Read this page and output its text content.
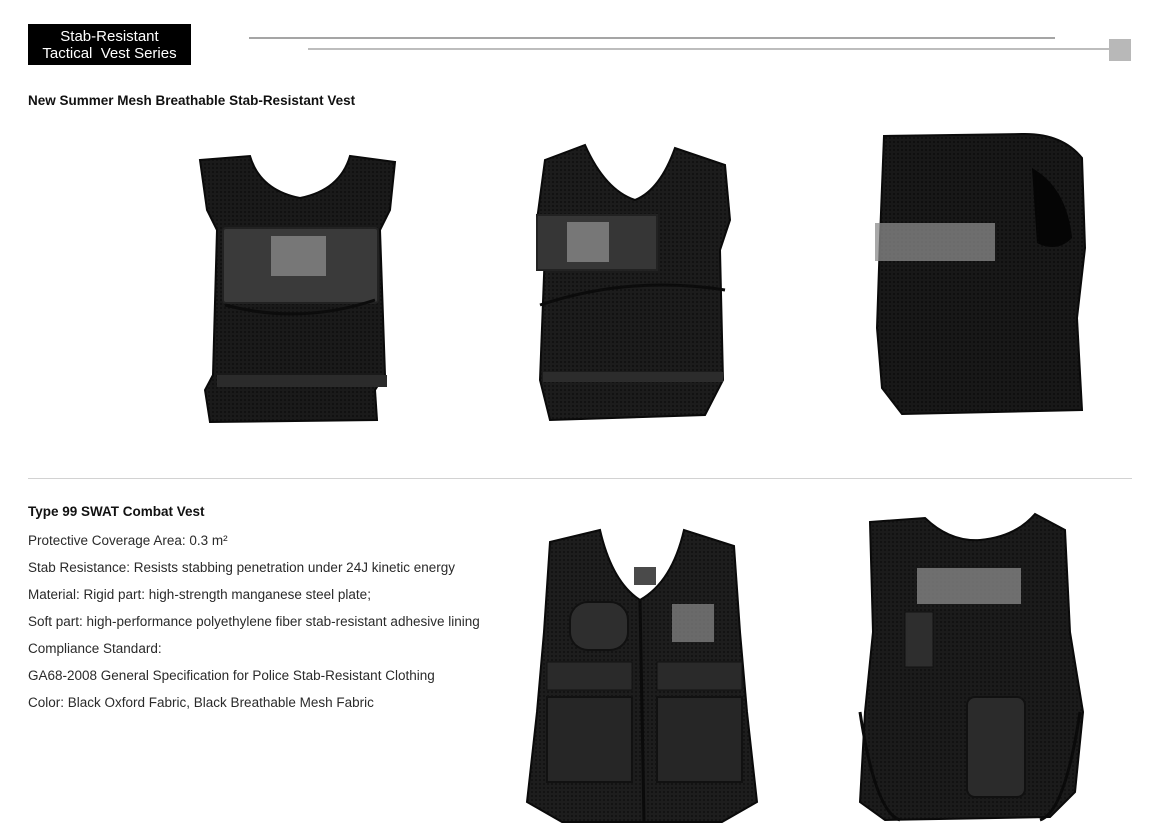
Stab-Resistant
Tactical  Vest Series
New Summer Mesh Breathable Stab-Resistant Vest
Type 99 SWAT Combat Vest
Protective Coverage Area: 0.3 m²
Stab Resistance: Resists stabbing penetration under 24J kinetic energy
Material: Rigid part: high-strength manganese steel plate;
Soft part: high-performance polyethylene fiber stab-resistant adhesive lining
Compliance Standard:
GA68-2008 General Specification for Police Stab-Resistant Clothing
Color: Black Oxford Fabric, Black Breathable Mesh Fabric
